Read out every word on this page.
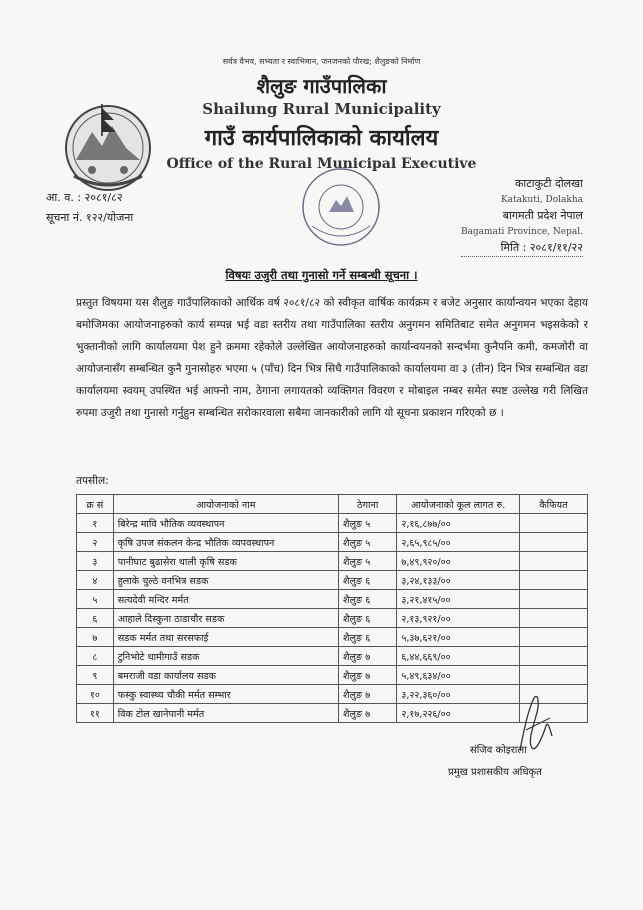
सर्वत्र वैभव, सभ्यता र स्वाभिमान, जनजनको पौरख; शैलुङको निर्माण
शैलुङ गाउँपालिका
Shailung Rural Municipality
गाउँ कार्यपालिकाको कार्यालय
Office of the Rural Municipal Executive
आ. व. : २०८१/८२
सूचना नं. १२२/योजना
काटाकुटी दोलखा
Katakuti, Dolakha
बागमती प्रदेश नेपाल
Bagamati Province, Nepal.
मिति : २०८१/११/२२
विषयः उजुरी तथा गुनासो गर्ने सम्बन्धी सूचना ।
प्रस्तुत विषयमा यस शैलुङ गाउँपालिकाको आर्थिक वर्ष २०८१/८२ को स्वीकृत वार्षिक कार्यक्रम र बजेट अनुसार कार्यान्वयन भएका देहाय बमोजिमका आयोजनाहरुको कार्य सम्पन्न भई वडा स्तरीय तथा गाउँपालिका स्तरीय अनुगमन समितिबाट समेत अनुगमन भइसकेको र भुक्तानीको लागि कार्यालयमा पेश हुने क्रममा रहेकोले उल्लेखित आयोजनाहरुको कार्यान्वयनको सन्दर्भमा कुनैपनि कमी, कमजोरी वा आयोजनासँग सम्बन्धित कुनै गुनासोहरु भएमा ५ (पाँच) दिन भित्र सिधै गाउँपालिकाको कार्यालयमा वा ३ (तीन) दिन भित्र सम्बन्धित वडा कार्यालयमा स्वयम् उपस्थित भई आफ्नो नाम, ठेगाना लगायतको व्यक्तिगत विवरण र मोबाइल नम्बर समेत स्पष्ट उल्लेख गरी लिखित रुपमा उजुरी तथा गुनासो गर्नुहुन सम्बन्धित सरोकारवाला सबैमा जानकारीको लागि यो सूचना प्रकाशन गरिएको छ ।
तपसील:
क्र सं	आयोजनाको नाम	ठेगाना	आयोजनाको कूल लागत रु.	कैफियत
१	बिरेन्द्र मावि भौतिक व्यवस्थापन	शैलुङ ५	२,१६,८७७/००	
२	कृषि उपज संकलन केन्द्र भौतिक व्यपवस्थापन	शैलुङ ५	२,६५,९८५/००	
३	पानीघाट बुढासेरा थाली कृषि सडक	शैलुङ ५	७,४९,९२०/००	
४	हुलाके चुल्ठे वनभित्र सडक	शैलुङ ६	३,२४,१३३/००	
५	सत्यदेवी मन्दिर मर्मत	शैलुङ ६	३,२१,४१५/००	
६	आहाले दिस्कुना ठाडाचौर सडक	शैलुङ ६	२,१३,९२१/००	
७	सडक मर्मत तथा सरसफाई	शैलुङ ६	५,३७,६२१/००	
८	टुनिभोटे थामीगाउँ सडक	शैलुङ ७	६,४४,६६९/००	
९	बमराजी वडा कार्यालय सडक	शैलुङ ७	५,४९,६३४/००	
१०	फस्कु स्वास्थ्य चौकी मर्मत सम्भार	शैलुङ ७	३,२२,३६०/००	
११	विक टोल खानेपानी मर्मत	शैलुङ ७	२,१७,२२६/००	
संजिव कोइराला
प्रमुख प्रशासकीय अधिकृत
